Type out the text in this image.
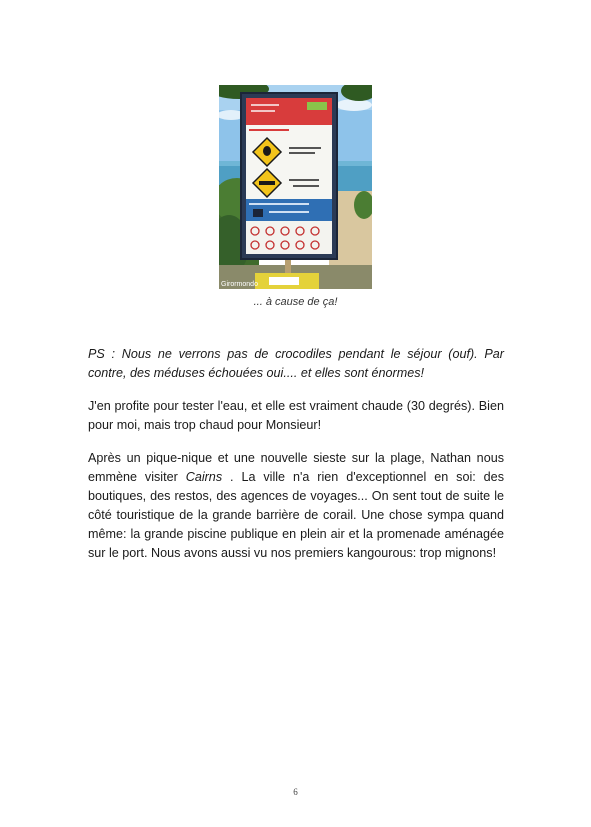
Girormondo
... à cause de ça!

PS : Nous ne verrons pas de crocodiles pendant le séjour (ouf). Par contre, des méduses échouées oui.... et elles sont énormes!

J'en profite pour tester l'eau, et elle est vraiment chaude (30 degrés). Bien pour moi, mais trop chaud pour Monsieur!

Après un pique-nique et une nouvelle sieste sur la plage, Nathan nous emmène visiter Cairns . La ville n'a rien d'exceptionnel en soi: des boutiques, des restos, des agences de voyages... On sent tout de suite le côté touristique de la grande barrière de corail. Une chose sympa quand même: la grande piscine publique en plein air et la promenade aménagée sur le port. Nous avons aussi vu nos premiers kangourous: trop mignons!

6
